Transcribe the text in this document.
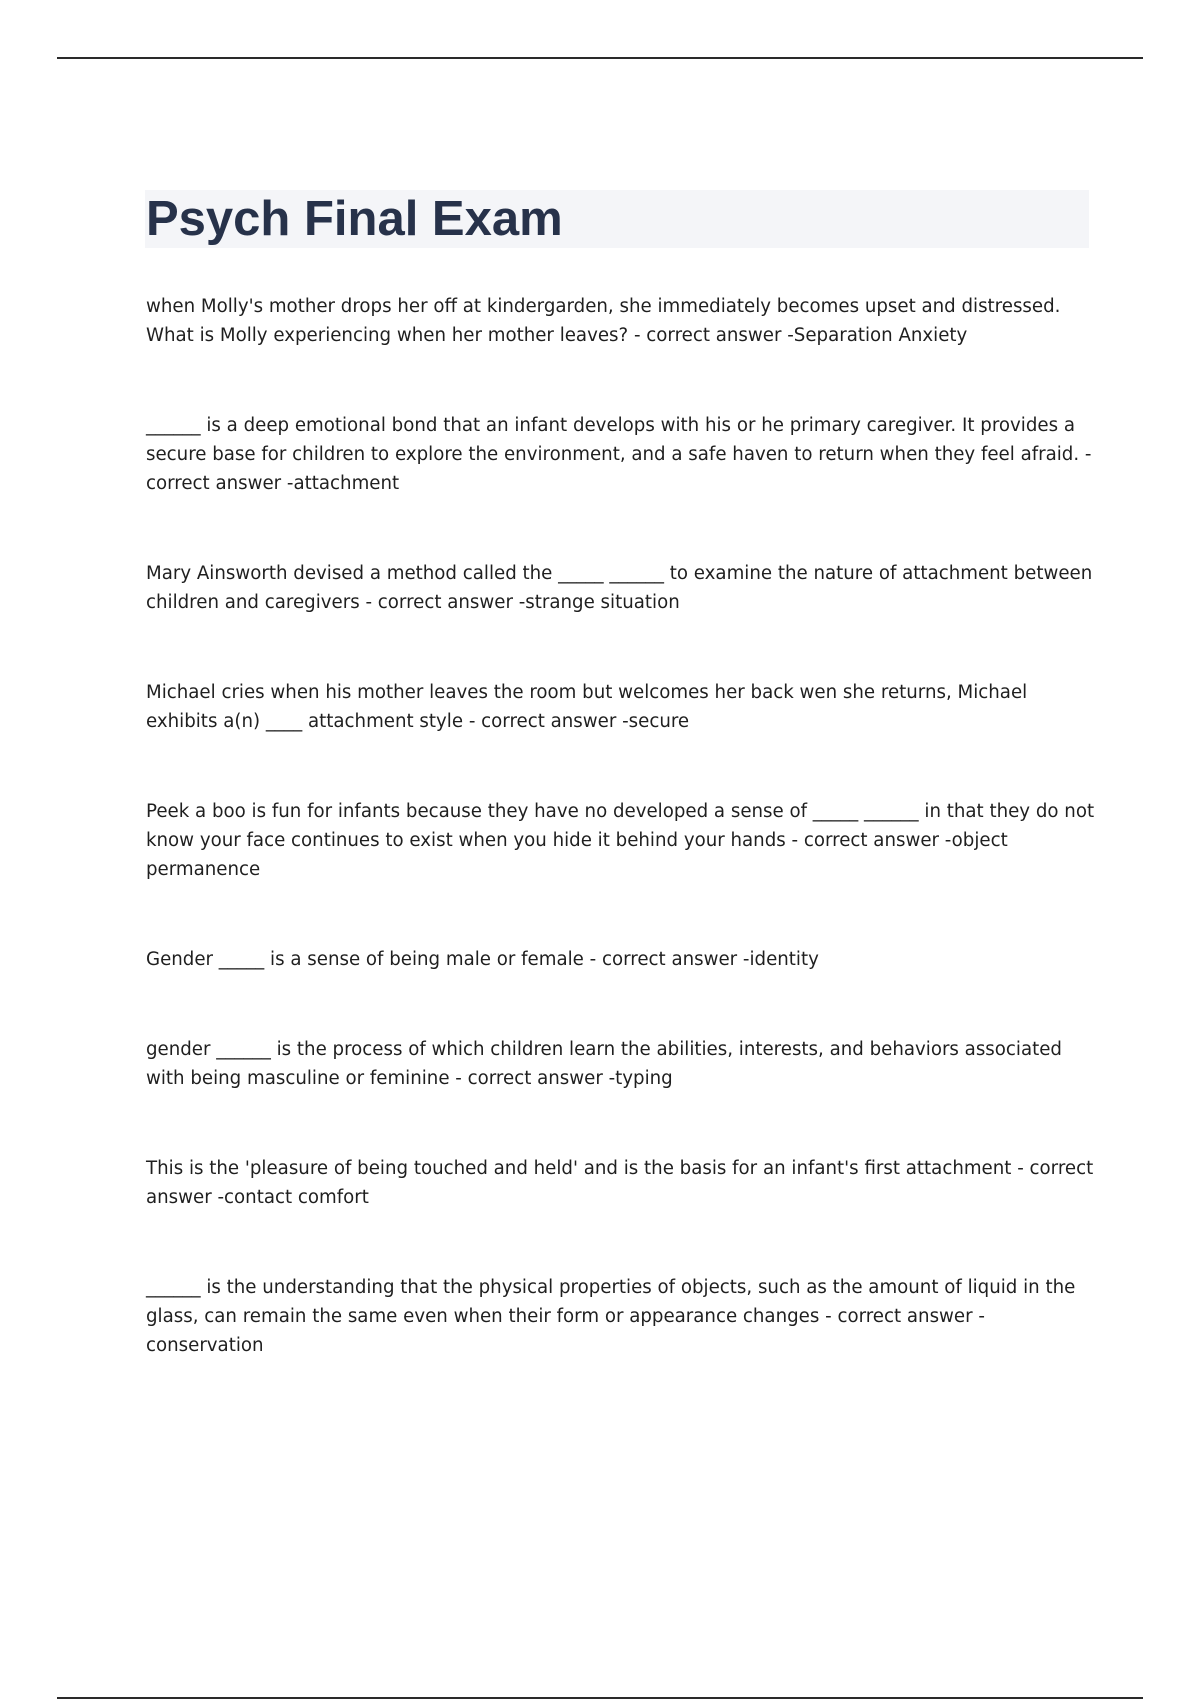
Psych Final Exam

when Molly's mother drops her off at kindergarden, she immediately becomes upset and distressed. What is Molly experiencing when her mother leaves? - correct answer -Separation Anxiety

______ is a deep emotional bond that an infant develops with his or he primary caregiver. It provides a secure base for children to explore the environment, and a safe haven to return when they feel afraid. - correct answer -attachment

Mary Ainsworth devised a method called the _____ ______ to examine the nature of attachment between children and caregivers - correct answer -strange situation

Michael cries when his mother leaves the room but welcomes her back wen she returns, Michael exhibits a(n) ____ attachment style - correct answer -secure

Peek a boo is fun for infants because they have no developed a sense of _____ ______ in that they do not know your face continues to exist when you hide it behind your hands - correct answer -object permanence

Gender _____ is a sense of being male or female - correct answer -identity

gender ______ is the process of which children learn the abilities, interests, and behaviors associated with being masculine or feminine - correct answer -typing

This is the 'pleasure of being touched and held' and is the basis for an infant's first attachment - correct answer -contact comfort

______ is the understanding that the physical properties of objects, such as the amount of liquid in the glass, can remain the same even when their form or appearance changes - correct answer -conservation
